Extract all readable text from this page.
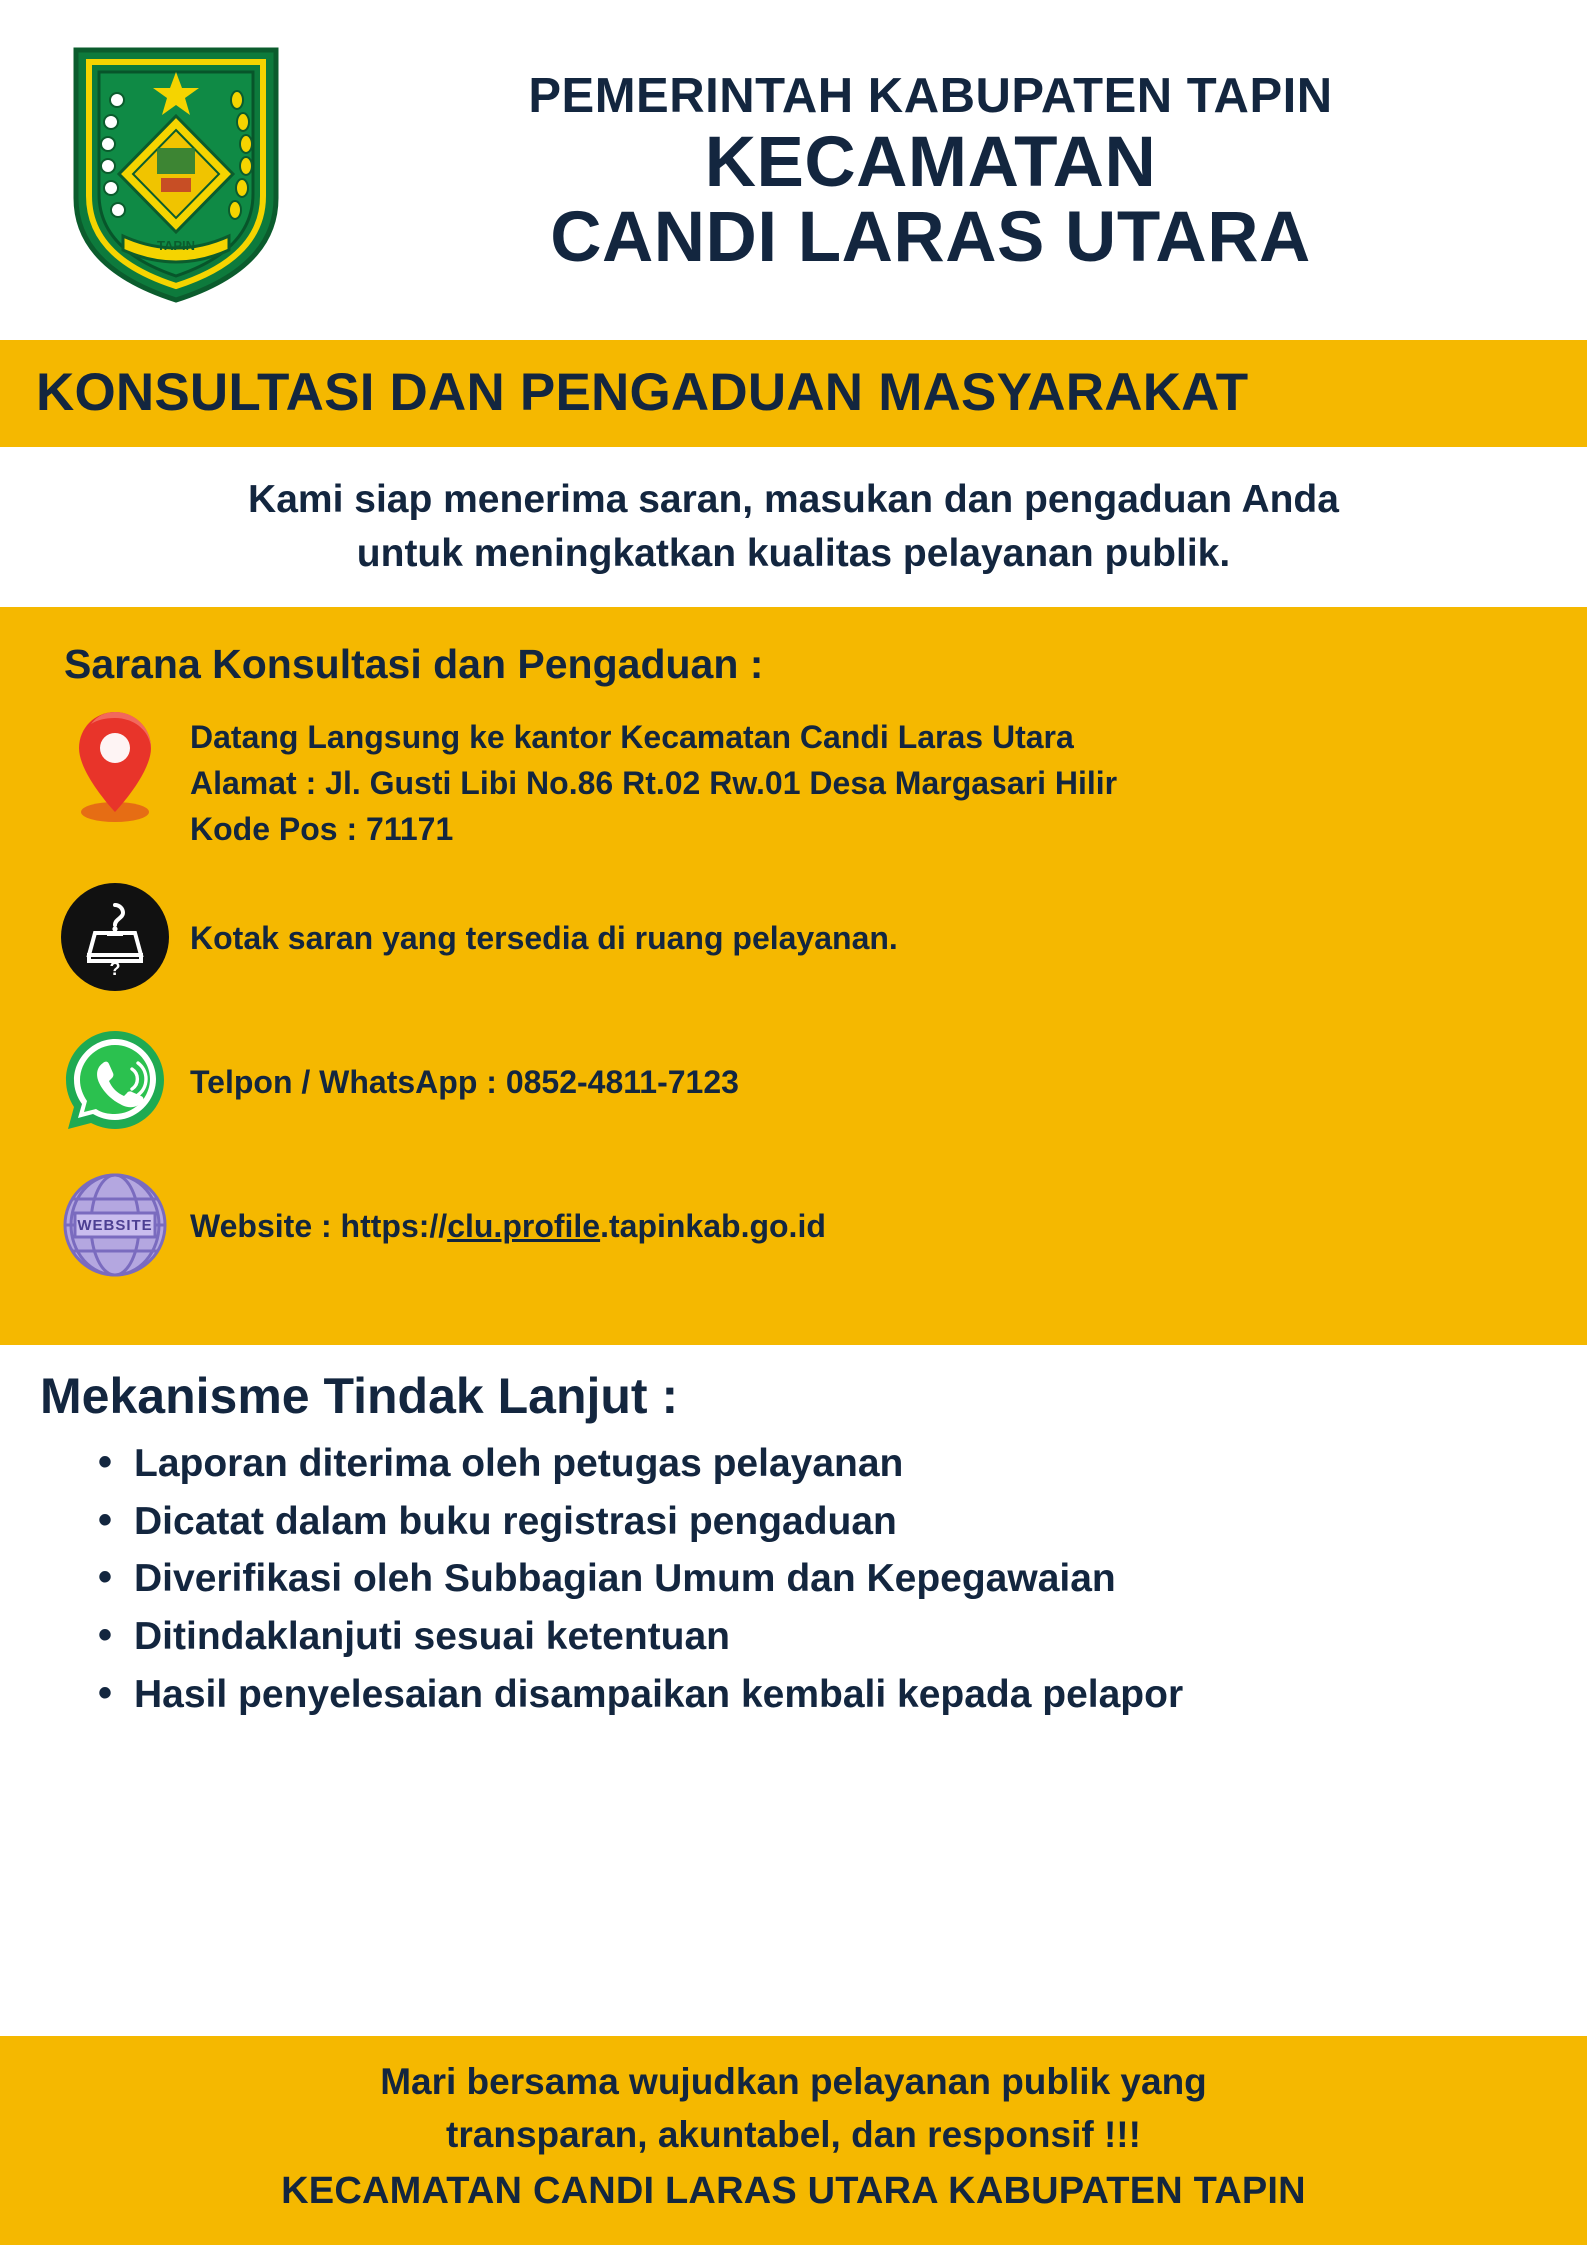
TAPIN
PEMERINTAH KABUPATEN TAPIN
KECAMATAN
CANDI LARAS UTARA
KONSULTASI DAN PENGADUAN MASYARAKAT

Kami siap menerima saran, masukan dan pengaduan Anda

untuk meningkatkan kualitas pelayanan publik.

Sarana Konsultasi dan Pengaduan :
Datang Langsung ke kantor Kecamatan Candi Laras Utara
Alamat : Jl. Gusti Libi No.86 Rt.02 Rw.01 Desa Margasari Hilir
Kode Pos : 71171
?
Kotak saran yang tersedia di ruang pelayanan.
Telpon / WhatsApp : 0852-4811-7123
WEBSITE Website : https:// clu.profile .tapinkab.go.id
Mekanisme Tindak Lanjut :
• Laporan diterima oleh petugas pelayanan
• Dicatat dalam buku registrasi pengaduan
• Diverifikasi oleh Subbagian Umum dan Kepegawaian
• Ditindaklanjuti sesuai ketentuan
• Hasil penyelesaian disampaikan kembali kepada pelapor
Mari bersama wujudkan pelayanan publik yang
transparan, akuntabel, dan responsif !!!
KECAMATAN CANDI LARAS UTARA KABUPATEN TAPIN
